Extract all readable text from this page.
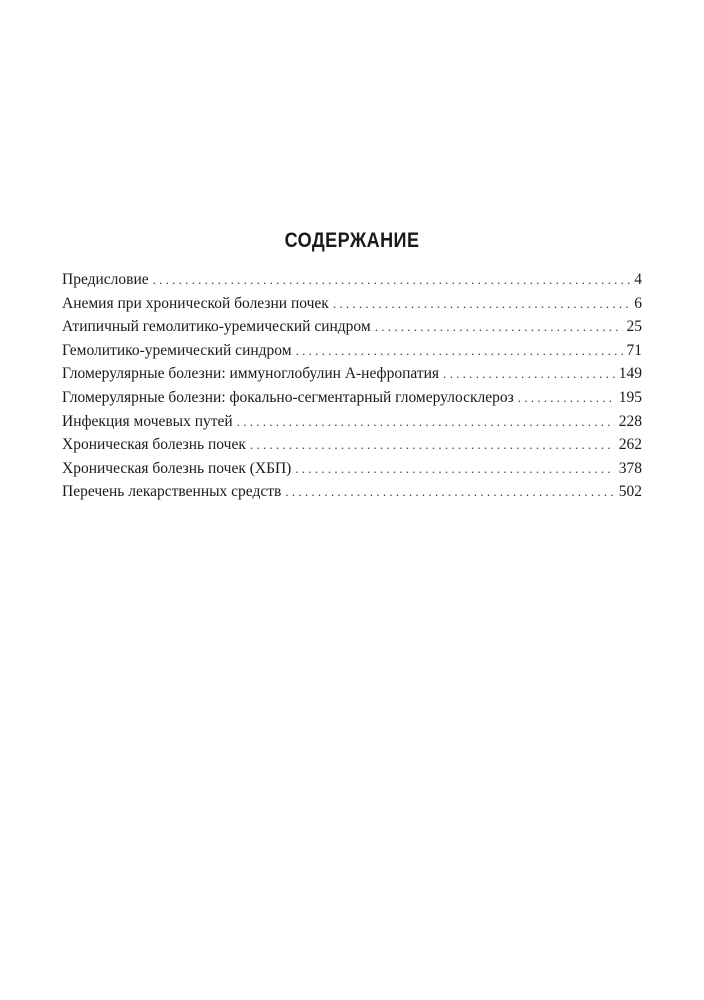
СОДЕРЖАНИЕ
Предисловие . . .	4
Анемия при хронической болезни почек . . .	6
Атипичный гемолитико-уремический синдром . . .	25
Гемолитико-уремический синдром . . .	71
Гломерулярные болезни: иммуноглобулин А-нефропатия . . .	149
Гломерулярные болезни: фокально-сегментарный гломерулосклероз . . .	195
Инфекция мочевых путей . . .	228
Хроническая болезнь почек . . .	262
Хроническая болезнь почек (ХБП) . . .	378
Перечень лекарственных средств . . .	502
